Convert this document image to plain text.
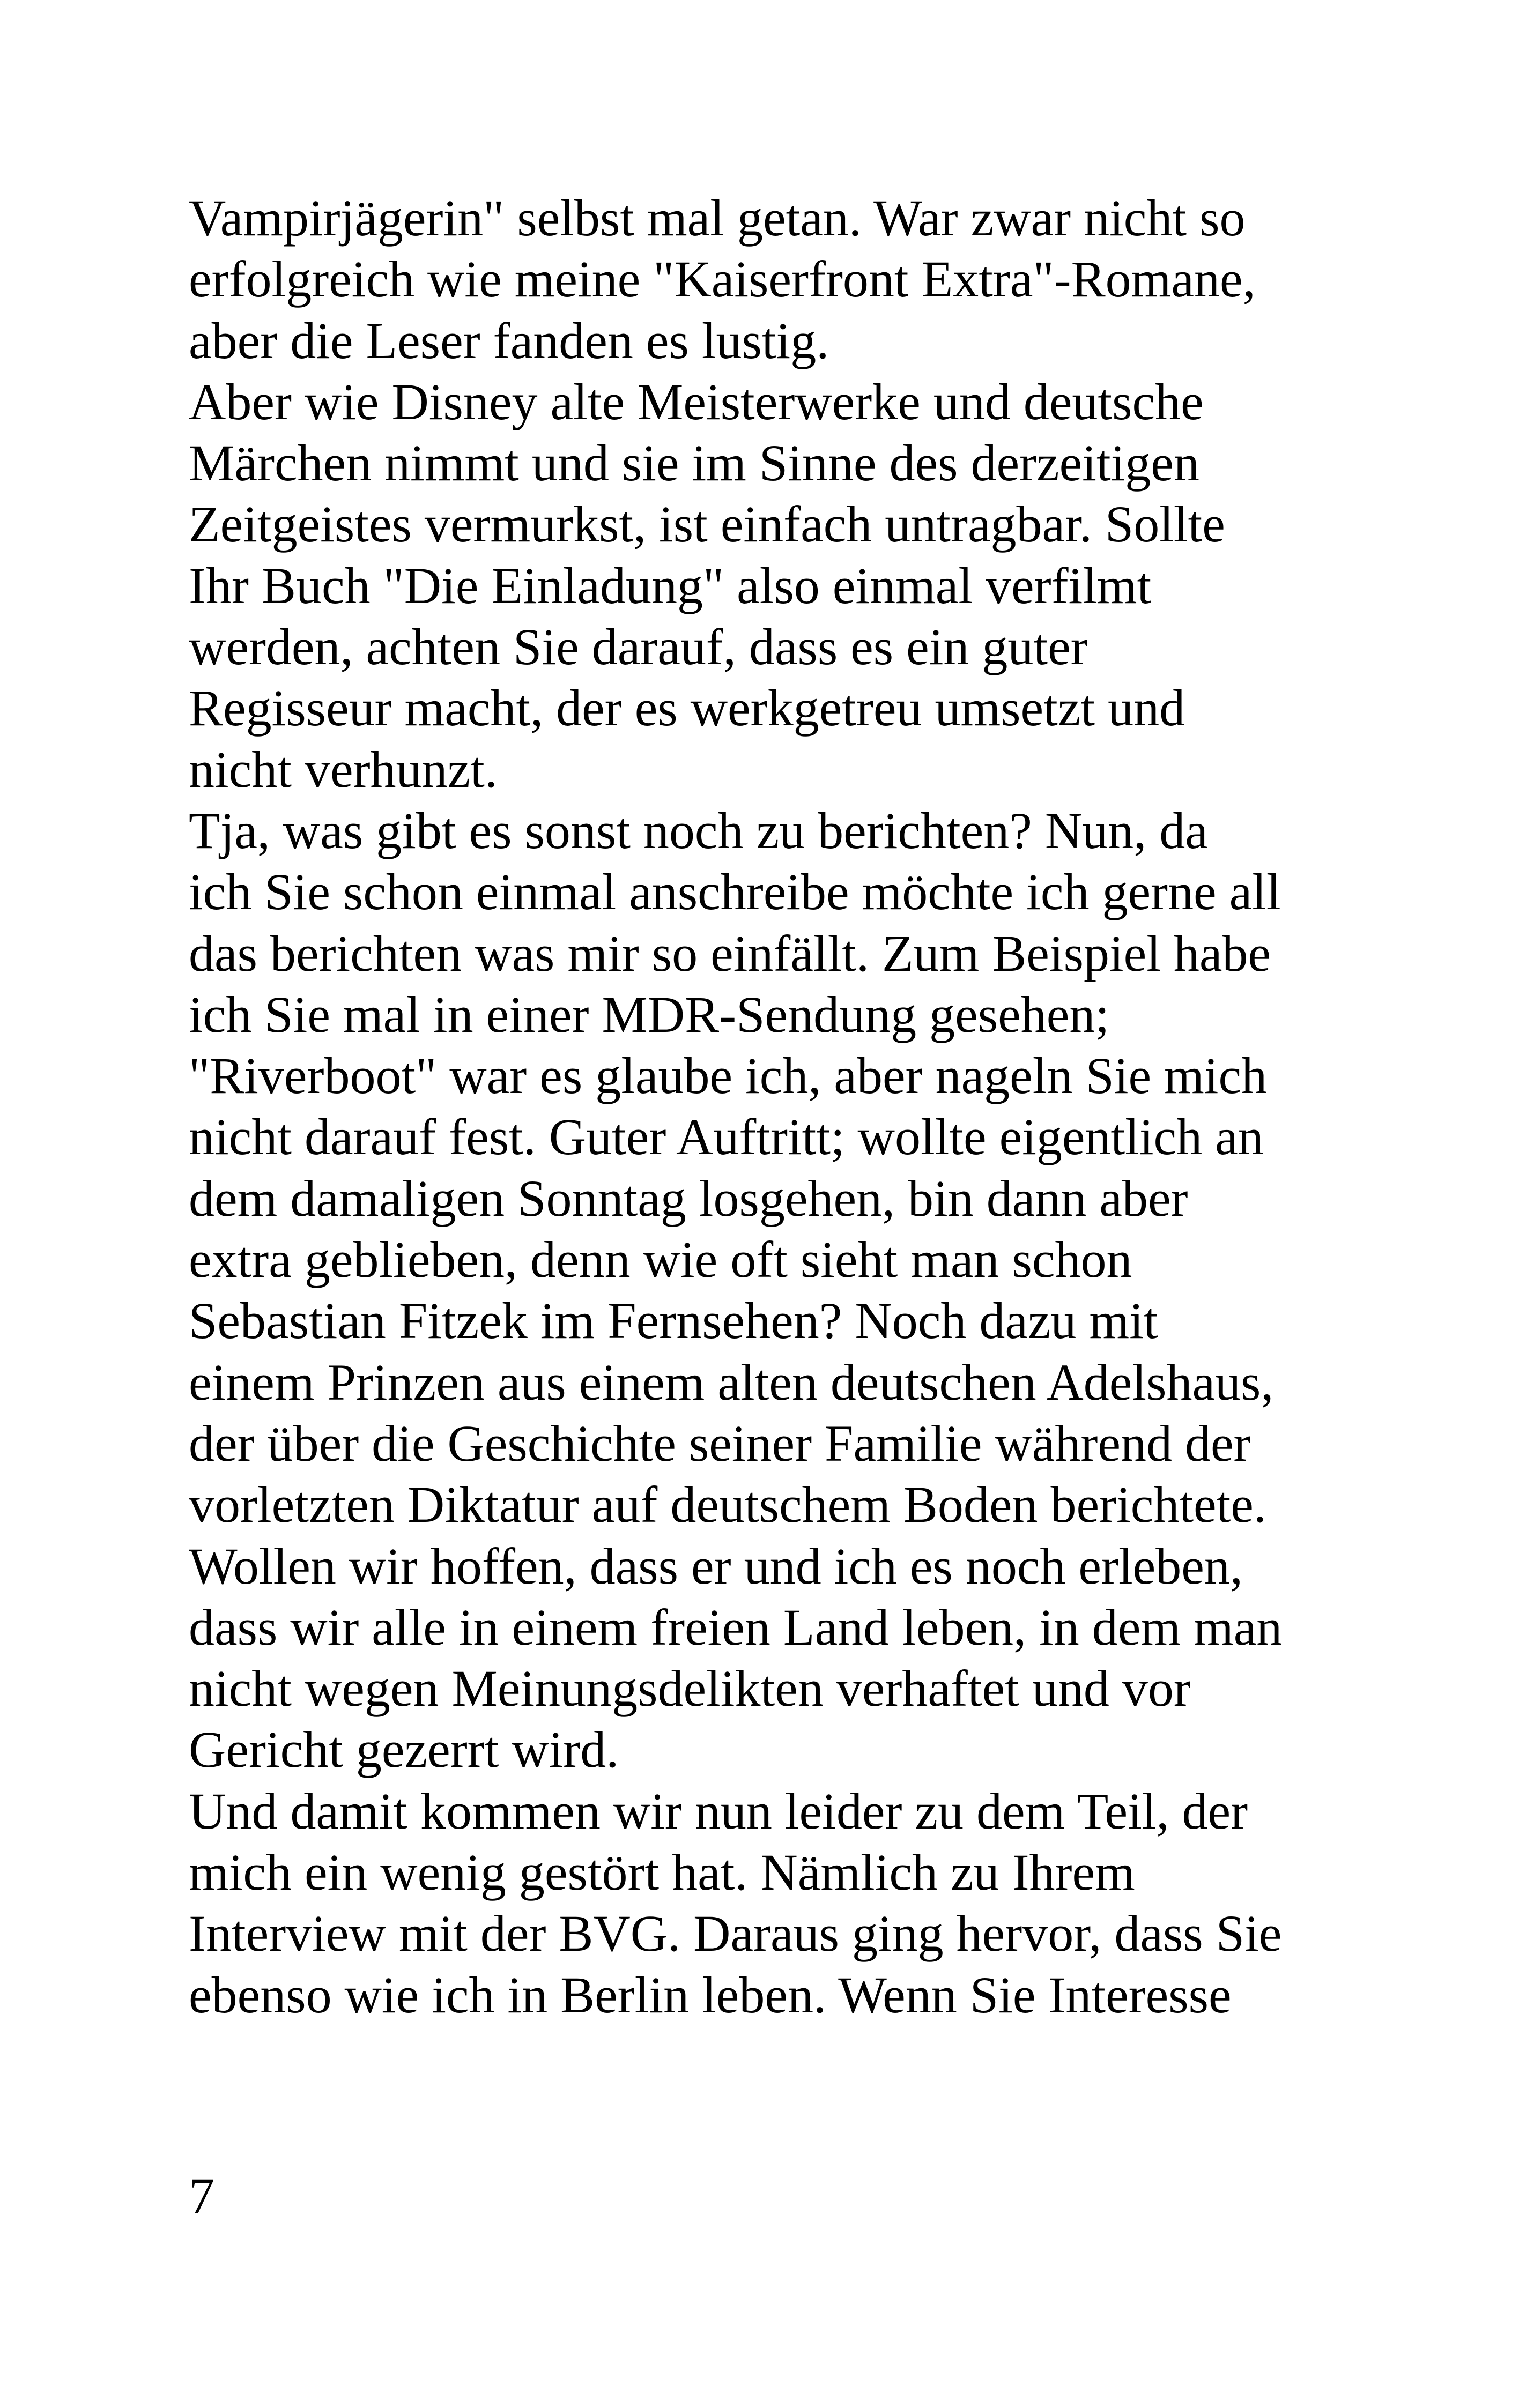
Vampirjägerin" selbst mal getan. War zwar nicht so
erfolgreich wie meine "Kaiserfront Extra"-Romane,
aber die Leser fanden es lustig.
Aber wie Disney alte Meisterwerke und deutsche
Märchen nimmt und sie im Sinne des derzeitigen
Zeitgeistes vermurkst, ist einfach untragbar. Sollte
Ihr Buch "Die Einladung" also einmal verfilmt
werden, achten Sie darauf, dass es ein guter
Regisseur macht, der es werkgetreu umsetzt und
nicht verhunzt.
Tja, was gibt es sonst noch zu berichten? Nun, da
ich Sie schon einmal anschreibe möchte ich gerne all
das berichten was mir so einfällt. Zum Beispiel habe
ich Sie mal in einer MDR-Sendung gesehen;
"Riverboot" war es glaube ich, aber nageln Sie mich
nicht darauf fest. Guter Auftritt; wollte eigentlich an
dem damaligen Sonntag losgehen, bin dann aber
extra geblieben, denn wie oft sieht man schon
Sebastian Fitzek im Fernsehen? Noch dazu mit
einem Prinzen aus einem alten deutschen Adelshaus,
der über die Geschichte seiner Familie während der
vorletzten Diktatur auf deutschem Boden berichtete.
Wollen wir hoffen, dass er und ich es noch erleben,
dass wir alle in einem freien Land leben, in dem man
nicht wegen Meinungsdelikten verhaftet und vor
Gericht gezerrt wird.
Und damit kommen wir nun leider zu dem Teil, der
mich ein wenig gestört hat. Nämlich zu Ihrem
Interview mit der BVG. Daraus ging hervor, dass Sie
ebenso wie ich in Berlin leben. Wenn Sie Interesse
7
